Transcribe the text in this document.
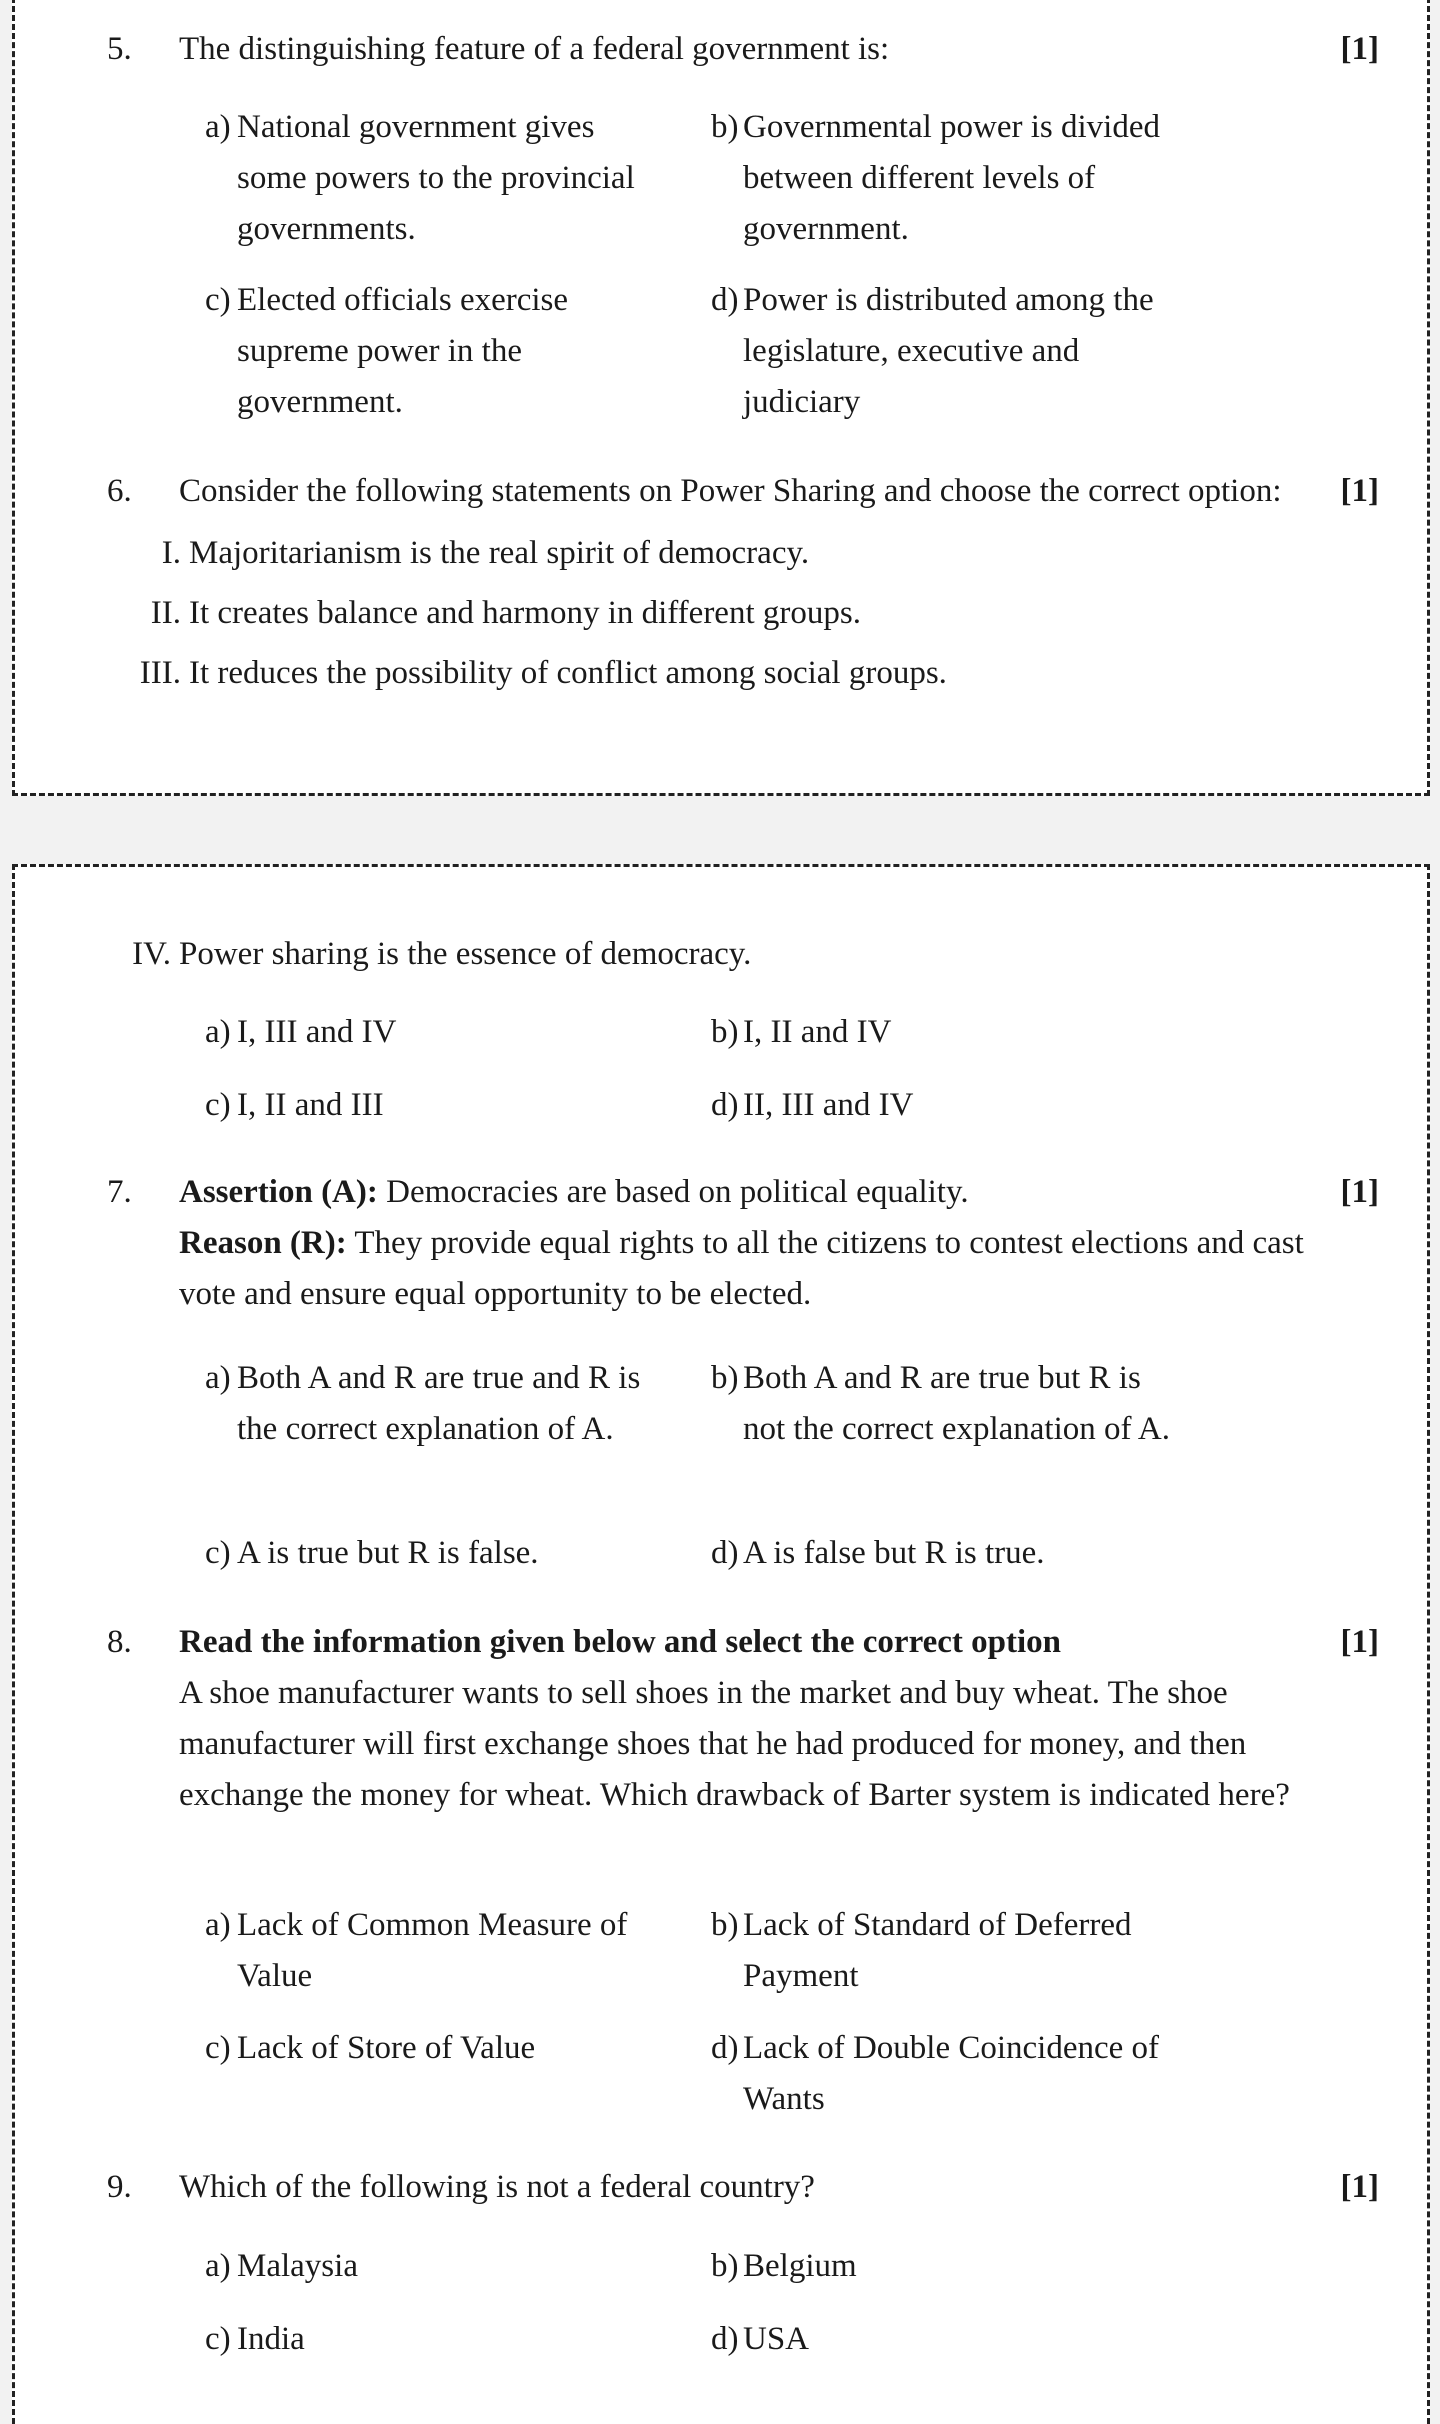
5. The distinguishing feature of a federal government is:	[1]
a) National government gives some powers to the provincial governments.
b) Governmental power is divided between different levels of government.
c) Elected officials exercise supreme power in the government.
d) Power is distributed among the legislature, executive and judiciary
6. Consider the following statements on Power Sharing and choose the correct option:	[1]
I. Majoritarianism is the real spirit of democracy.
II. It creates balance and harmony in different groups.
III. It reduces the possibility of conflict among social groups.
IV. Power sharing is the essence of democracy.
a) I, III and IV	b) I, II and IV
c) I, II and III	d) II, III and IV
7. Assertion (A): Democracies are based on political equality.	[1]
Reason (R): They provide equal rights to all the citizens to contest elections and cast vote and ensure equal opportunity to be elected.
a) Both A and R are true and R is the correct explanation of A.
b) Both A and R are true but R is not the correct explanation of A.
c) A is true but R is false.	d) A is false but R is true.
8. Read the information given below and select the correct option	[1]
A shoe manufacturer wants to sell shoes in the market and buy wheat. The shoe manufacturer will first exchange shoes that he had produced for money, and then exchange the money for wheat. Which drawback of Barter system is indicated here?
a) Lack of Common Measure of Value
b) Lack of Standard of Deferred Payment
c) Lack of Store of Value	d) Lack of Double Coincidence of Wants
9. Which of the following is not a federal country?	[1]
a) Malaysia	b) Belgium
c) India	d) USA
